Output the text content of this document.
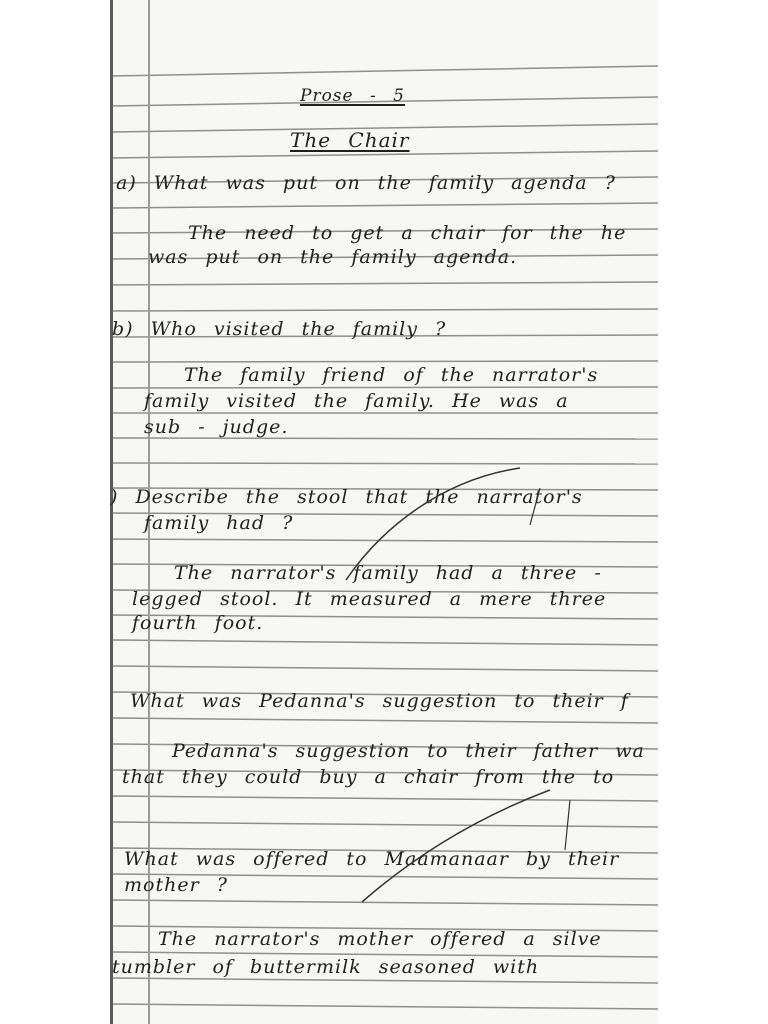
Prose - 5
The Chair
a) What was put on the family agenda ?
The need to get a chair for the he
was put on the family agenda.
b) Who visited the family ?
The family friend of the narrator's
family visited the family. He was a
sub - judge.
) Describe the stool that the narrator's
family had ?
The narrator's family had a three -
legged stool. It measured a mere three
fourth foot.
What was Pedanna's suggestion to their f
Pedanna's suggestion to their father wa
that they could buy a chair from the to
What was offered to Maamanaar by their
mother ?
The narrator's mother offered a silve
tumbler of buttermilk seasoned with
